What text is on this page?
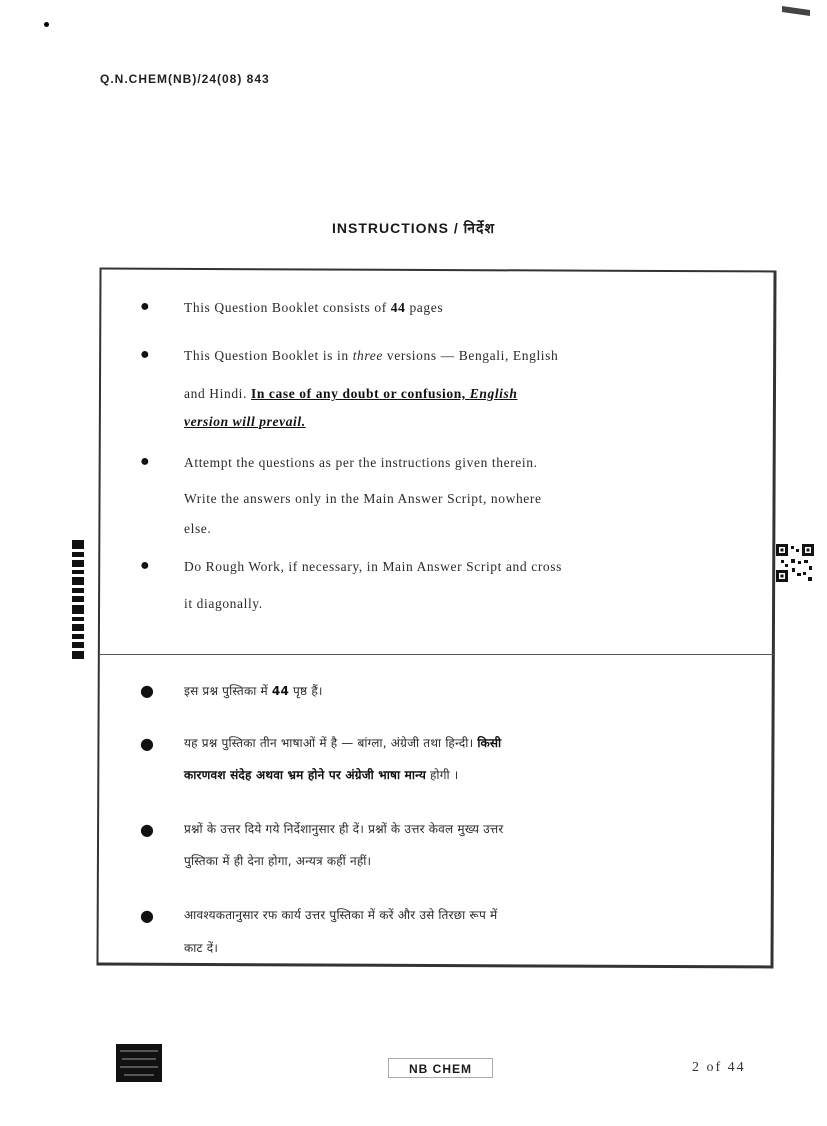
Q.N.CHEM(NB)/24(08) 843
INSTRUCTIONS / निर्देश
● This Question Booklet consists of 44 pages
● This Question Booklet is in three versions — Bengali, English
and Hindi. In case of any doubt or confusion, English
version will prevail.
● Attempt the questions as per the instructions given therein.
Write the answers only in the Main Answer Script, nowhere
else.
● Do Rough Work, if necessary, in Main Answer Script and cross
it diagonally.
● इस प्रश्न पुस्तिका में 44 पृष्ठ हैं।
● यह प्रश्न पुस्तिका तीन भाषाओं में है — बांग्ला, अंग्रेजी तथा हिन्दी। किसी
कारणवश संदेह अथवा भ्रम होने पर अंग्रेजी भाषा मान्य होगी ।
● प्रश्नों के उत्तर दिये गये निर्देशानुसार ही दें। प्रश्नों के उत्तर केवल मुख्य उत्तर
पुस्तिका में ही देना होगा, अन्यत्र कहीं नहीं।
● आवश्यकतानुसार रफ कार्य उत्तर पुस्तिका में करें और उसे तिरछा रूप में
काट दें।
NB CHEM	2 of 44
